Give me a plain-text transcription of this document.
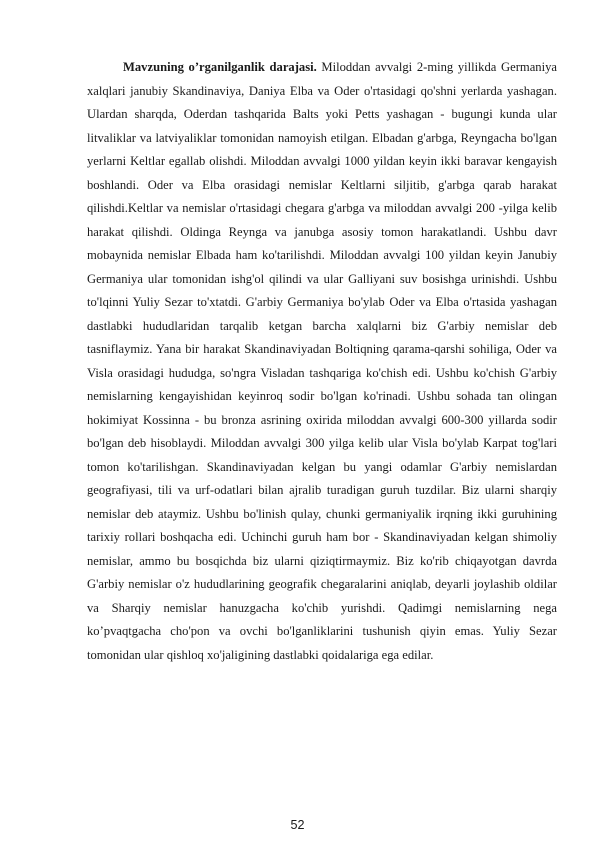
Mavzuning o’rganilganlik darajasi. Miloddan avvalgi 2-ming yillikda Germaniya xalqlari janubiy Skandinaviya, Daniya Elba va Oder o'rtasidagi qo'shni yerlarda yashagan. Ulardan sharqda, Oderdan tashqarida Balts yoki Petts yashagan - bugungi kunda ular litvaliklar va latviyaliklar tomonidan namoyish etilgan. Elbadan g'arbga, Reyngacha bo'lgan yerlarni Keltlar egallab olishdi. Miloddan avvalgi 1000 yildan keyin ikki baravar kengayish boshlandi. Oder va Elba orasidagi nemislar Keltlarni siljitib, g'arbga qarab harakat qilishdi.Keltlar va nemislar o'rtasidagi chegara g'arbga va miloddan avvalgi 200 -yilga kelib harakat qilishdi. Oldinga Reynga va janubga asosiy tomon harakatlandi. Ushbu davr mobaynida nemislar Elbada ham ko'tarilishdi. Miloddan avvalgi 100 yildan keyin Janubiy Germaniya ular tomonidan ishg'ol qilindi va ular Galliyani suv bosishga urinishdi. Ushbu to'lqinni Yuliy Sezar to'xtatdi. G'arbiy Germaniya bo'ylab Oder va Elba o'rtasida yashagan dastlabki hududlaridan tarqalib ketgan barcha xalqlarni biz G'arbiy nemislar deb tasniflaymiz. Yana bir harakat Skandinaviyadan Boltiqning qarama-qarshi sohiliga, Oder va Visla orasidagi hududga, so'ngra Visladan tashqariga ko'chish edi. Ushbu ko'chish G'arbiy nemislarning kengayishidan keyinroq sodir bo'lgan ko'rinadi. Ushbu sohada tan olingan hokimiyat Kossinna - bu bronza asrining oxirida miloddan avvalgi 600-300 yillarda sodir bo'lgan deb hisoblaydi. Miloddan avvalgi 300 yilga kelib ular Visla bo'ylab Karpat tog'lari tomon ko'tarilishgan. Skandinaviyadan kelgan bu yangi odamlar G'arbiy nemislardan geografiyasi, tili va urf-odatlari bilan ajralib turadigan guruh tuzdilar. Biz ularni sharqiy nemislar deb ataymiz. Ushbu bo'linish qulay, chunki germaniyalik irqning ikki guruhining tarixiy rollari boshqacha edi. Uchinchi guruh ham bor - Skandinaviyadan kelgan shimoliy nemislar, ammo bu bosqichda biz ularni qiziqtirmaymiz. Biz ko'rib chiqayotgan davrda G'arbiy nemislar o'z hududlarining geografik chegaralarini aniqlab, deyarli joylashib oldilar va Sharqiy nemislar hanuzgacha ko'chib yurishdi. Qadimgi nemislarning nega ko’pvaqtgacha cho'pon va ovchi bo'lganliklarini tushunish qiyin emas. Yuliy Sezar tomonidan ular qishloq xo'jaligining dastlabki qoidalariga ega edilar.

52
